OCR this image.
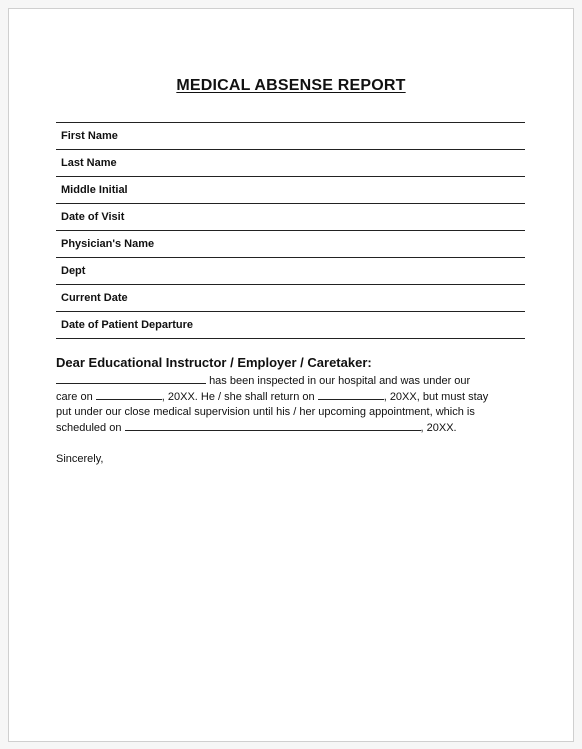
MEDICAL ABSENSE REPORT
First Name
Last Name
Middle Initial
Date of Visit
Physician's Name
Dept
Current Date
Date of Patient Departure

Dear Educational Instructor / Employer / Caretaker:

has been inspected in our hospital and was under our
care on	, 20XX. He / she shall return on	, 20XX, but must stay
put under our close medical supervision until his / her upcoming appointment, which is
scheduled on	, 20XX.
Sincerely,
